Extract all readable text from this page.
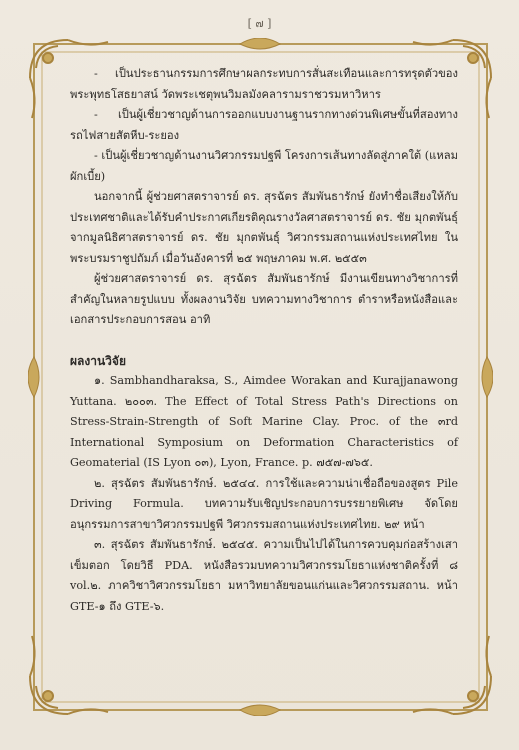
[ ๗ ]

- เป็นประธานกรรมการศึกษาผลกระทบการสั่นสะเทือนและการทรุดตัวของพระพุทธโสธยาสน์ วัดพระเชตุพนวิมลมังคลารามราชวรมหาวิหาร

- เป็นผู้เชี่ยวชาญด้านการออกแบบงานฐานรากทางด่วนพิเศษขั้นที่สองทางรถไฟสายสัตหีบ-ระยอง

- เป็นผู้เชี่ยวชาญด้านงานวิศวกรรมปฐพี โครงการเส้นทางลัดสู่ภาคใต้ (แหลมผักเบี้ย)

นอกจากนี้ ผู้ช่วยศาสตราจารย์ ดร. สุรฉัตร สัมพันธารักษ์ ยังทำชื่อเสียงให้กับประเทศชาติและได้รับคำประกาศเกียรติคุณรางวัลศาสตราจารย์ ดร. ชัย มุกตพันธุ์ จากมูลนิธิศาสตราจารย์ ดร. ชัย มุกตพันธุ์ วิศวกรรมสถานแห่งประเทศไทย ในพระบรมราชูปถัมภ์ เมื่อวันอังคารที่ ๒๕ พฤษภาคม พ.ศ. ๒๕๕๓

ผู้ช่วยศาสตราจารย์ ดร. สุรฉัตร สัมพันธารักษ์ มีงานเขียนทางวิชาการที่สำคัญในหลายรูปแบบ ทั้งผลงานวิจัย บทความทางวิชาการ ตำราหรือหนังสือและเอกสารประกอบการสอน อาทิ

ผลงานวิจัย

๑. Sambhandharaksa, S., Aimdee Worakan and Kurajjanawong Yuttana. ๒๐๐๓. The Effect of Total Stress Path's Directions on Stress-Strain-Strength of Soft Marine Clay. Proc. of the ๓rd International Symposium on Deformation Characteristics of Geomaterial (IS Lyon ๐๓), Lyon, France. p. ๗๕๗-๗๖๕.

๒. สุรฉัตร สัมพันธารักษ์. ๒๕๔๔. การใช้และความน่าเชื่อถือของสูตร Pile Driving Formula. บทความรับเชิญประกอบการบรรยายพิเศษ จัดโดยอนุกรรมการสาขาวิศวกรรมปฐพี วิศวกรรมสถานแห่งประเทศไทย. ๒๙ หน้า

๓. สุรฉัตร สัมพันธารักษ์. ๒๕๔๕. ความเป็นไปได้ในการควบคุมก่อสร้างเสาเข็มตอก โดยวิธี PDA. หนังสือรวมบทความวิศวกรรมโยธาแห่งชาติครั้งที่ ๘ vol.๒. ภาควิชาวิศวกรรมโยธา มหาวิทยาลัยขอนแก่นและวิศวกรรมสถาน. หน้า GTE-๑ ถึง GTE-๖.
